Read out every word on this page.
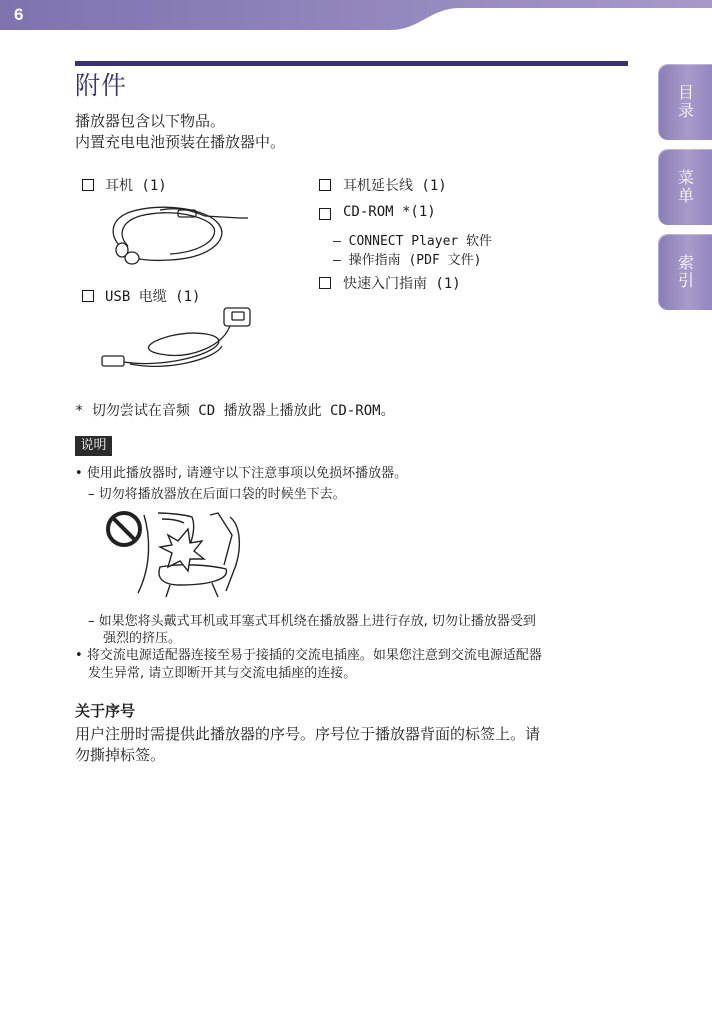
6
目录
菜单
索引
附件
播放器包含以下物品。
内置充电电池预装在播放器中。
耳机 (1)
USB 电缆 (1)
耳机延长线 (1)
CD-ROM *(1)
– CONNECT Player 软件
– 操作指南 (PDF 文件)
快速入门指南 (1)
* 切勿尝试在音频 CD 播放器上播放此 CD-ROM。
说明
• 使用此播放器时, 请遵守以下注意事项以免损坏播放器。
– 切勿将播放器放在后面口袋的时候坐下去。
– 如果您将头戴式耳机或耳塞式耳机绕在播放器上进行存放, 切勿让播放器受到
强烈的挤压。
• 将交流电源适配器连接至易于接插的交流电插座。如果您注意到交流电源适配器
发生异常, 请立即断开其与交流电插座的连接。
关于序号
用户注册时需提供此播放器的序号。序号位于播放器背面的标签上。请
勿撕掉标签。
